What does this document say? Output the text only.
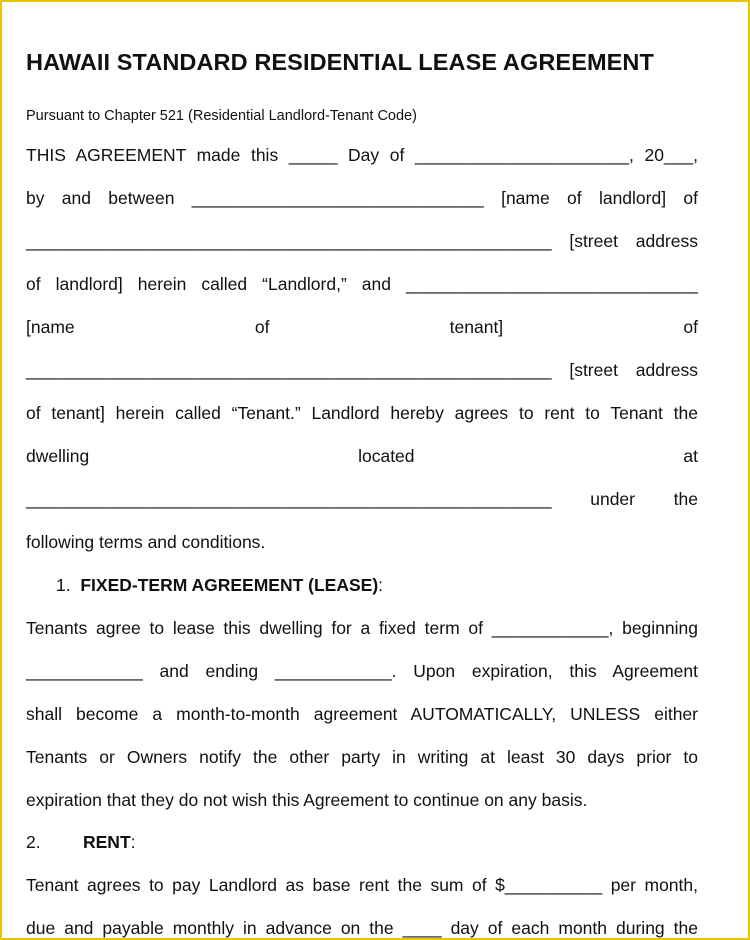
HAWAII STANDARD RESIDENTIAL LEASE AGREEMENT
Pursuant to Chapter 521 (Residential Landlord-Tenant Code)
THIS AGREEMENT made this _____ Day of ______________________, 20___,
by and between ______________________________ [name of landlord] of
______________________________________________________ [street address
of landlord] herein called “Landlord,” and ______________________________
[name	of	tenant]	of
______________________________________________________ [street address
of tenant] herein called “Tenant.” Landlord hereby agrees to rent to Tenant the
dwelling	located	at
______________________________________________________ under the
following terms and conditions.
1. FIXED-TERM AGREEMENT (LEASE):
Tenants agree to lease this dwelling for a fixed term of ____________, beginning
____________ and ending ____________. Upon expiration, this Agreement
shall become a month-to-month agreement AUTOMATICALLY, UNLESS either
Tenants or Owners notify the other party in writing at least 30 days prior to
expiration that they do not wish this Agreement to continue on any basis.
2. RENT:
Tenant agrees to pay Landlord as base rent the sum of $__________ per month,
due and payable monthly in advance on the ____ day of each month during the
